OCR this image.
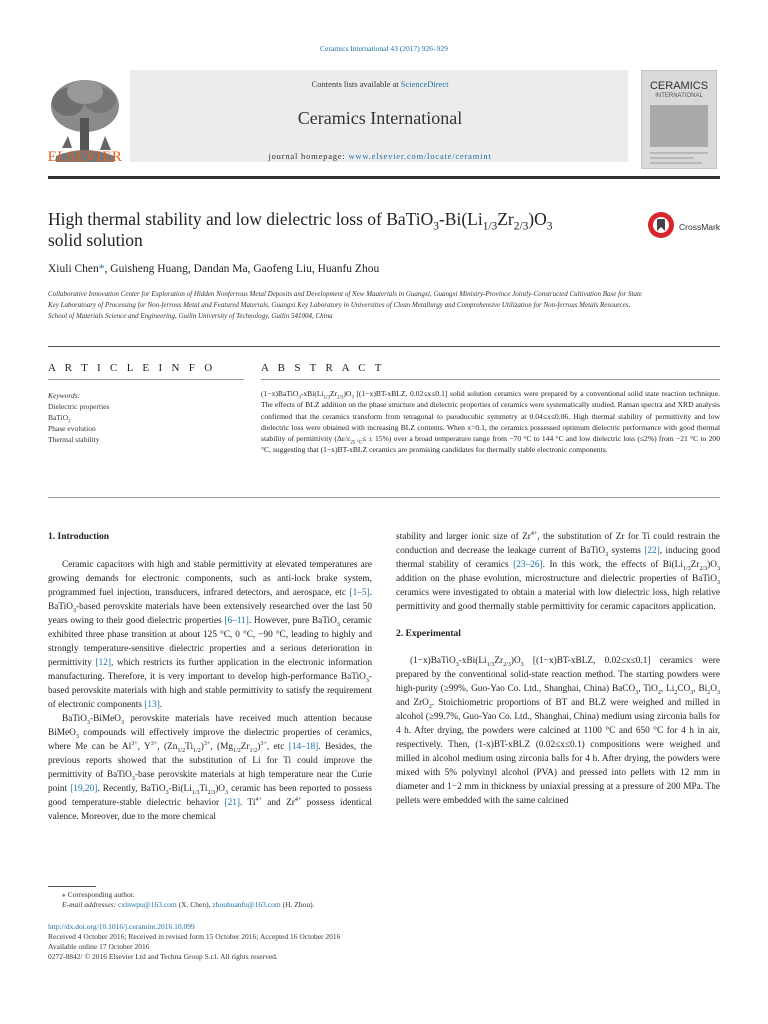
Ceramics International 43 (2017) 926–929
Contents lists available at ScienceDirect
Ceramics International
journal homepage: www.elsevier.com/locate/ceramint
ELSEVIER
CERAMICS
INTERNATIONAL
High thermal stability and low dielectric loss of $BaTiO_3-Bi(Li_{1/3}Zr_{2/3})O_3$
solid solution
CrossMark
Xiuli Chen*, Guisheng Huang, Dandan Ma, Gaofeng Liu, Huanfu Zhou
Collaborative Innovation Center for Exploration of Hidden Nonferrous Metal Deposits and Development of New Maaterials in Guangxi, Guangxi Ministry-Province Jointly-Constructed Cultivation Base for State Key Laboratoary of Processing for Non-ferrous Metal and Featured Materials, Guangxi Key Laboratory in Universities of Clean Metallurgy and Comprehensive Utilization for Non-ferrous Metals Resources, School of Materials Science and Engineering, Guilin University of Technology, Guilin 541004, China
A R T I C L E I N F O	A B S T R A C T
Keywords:
Dielectric properties
BaTiO$_3$
Phase evolution
Thermal stability
$(1-x)BaTiO_3-xBi(Li_{1/3}Zr_{2/3})O_3$ [(1−x)BT-xBLZ, 0.02≤x≤0.1] solid solution ceramics were prepared by a conventional solid state reaction technique. The effects of BLZ addition on the phase structure and dielectric properties of ceramics were systematically studied. Raman spectra and XRD analysis confirmed that the ceramics transform from tetragonal to pseudocubic symmetry at 0.04≤x≤0.06. High thermal stability of permittivity and low dielectric loss were obtained with increasing BLZ contents. When x=0.1, the ceramics possessed optimum dielectric performance with good thermal stability of permittivity $(\Delta\varepsilon/\varepsilon_{25 ^\circ C}\le \pm 15\%)$ over a broad temperature range from −70 °C to 144 °C and low dielectric loss (≤2%) from −21 °C to 200 °C, suggesting that (1−x)BT-xBLZ ceramics are promising candidates for thermally stable electronic components.
1. Introduction

Ceramic capacitors with high and stable permittivity at elevated temperatures are growing demands for electronic components, such as anti-lock brake system, programmed fuel injection, transducers, infrared detectors, and aerospace, etc [1–5]. BaTiO$_3$-based perovskite materials have been extensively researched over the last 50 years owing to their good dielectric properties [6–11]. However, pure BaTiO$_3$ ceramic exhibited three phase transition at about 125 °C, 0 °C, −90 °C, leading to highly and strongly temperature-sensitive dielectric properties and a serious deterioration in permittivity [12], which restricts its further application in the electronic information manufacturing. Therefore, it is very important to develop high-performance BaTiO$_3$-based perovskite materials with high and stable permittivity to satisfy the requirement of electronic components [13].

BaTiO$_3$-BiMeO$_3$ perovskite materials have received much attention because BiMeO$_3$ compounds will effectively improve the dielectric properties of ceramics, where Me can be $Al^{3+}$, $Y^{3+}$, $(Zn_{1/2}Ti_{1/2})^{3+}$, $(Mg_{1/2}Zr_{1/2})^{3+}$, etc [14–18]. Besides, the previous reports showed that the substitution of Li for Ti could improve the permittivity of BaTiO$_3$-base perovskite materials at high temperature near the Curie point [19,20]. Recently, $BaTiO_3-Bi(Li_{1/3}Ti_{2/3})O_3$ ceramic has been reported to possess good temperature-stable dielectric behavior [21]. $Ti^{4+}$ and $Zr^{4+}$ possess identical valence. Moreover, due to the more chemical

stability and larger ionic size of $Zr^{4+}$, the substitution of Zr for Ti could restrain the conduction and decrease the leakage current of BaTiO$_3$ systems [22], inducing good thermal stability of ceramics [23–26]. In this work, the effects of $Bi(Li_{1/3}Zr_{2/3})O_3$ addition on the phase evolution, microstructure and dielectric properties of BaTiO$_3$ ceramics were investigated to obtain a material with low dielectric loss, high relative permittivity and good thermally stable permittivity for ceramic capacitors application.

2. Experimental

$(1-x)BaTiO_3-xBi(Li_{1/3}Zr_{2/3})O_3$ [(1−x)BT-xBLZ, 0.02≤x≤0.1] ceramics were prepared by the conventional solid-state reaction method. The starting powders were high-purity (≥99%, Guo-Yao Co. Ltd., Shanghai, China) BaCO$_3$, TiO$_2$, $Li_2CO_3$, $Bi_2O_3$ and ZrO$_2$. Stoichiometric proportions of BT and BLZ were weighed and milled in alcohol (≥99.7%, Guo-Yao Co. Ltd., Shanghai, China) medium using zirconia balls for 4 h. After drying, the powders were calcined at 1100 °C and 650 °C for 4 h in air, respectively. Then, (1-x)BT-xBLZ (0.02≤x≤0.1) compositions were weighed and milled in alcohol medium using zirconia balls for 4 h. After drying, the powders were mixed with 5% polyvinyl alcohol (PVA) and pressed into pellets with 12 mm in diameter and 1−2 mm in thickness by uniaxial pressing at a pressure of 200 MPa. The pellets were embedded with the same calcined

⁎ Corresponding author.
E-mail addresses: cxlnwpu@163.com (X. Chen), zhouhuanfu@163.com (H. Zhou).
http://dx.doi.org/10.1016/j.ceramint.2016.10.099
Received 4 October 2016; Received in revised form 15 October 2016; Accepted 16 October 2016
Available online 17 October 2016
0272-8842/ © 2016 Elsevier Ltd and Techna Group S.r.l. All rights reserved.
